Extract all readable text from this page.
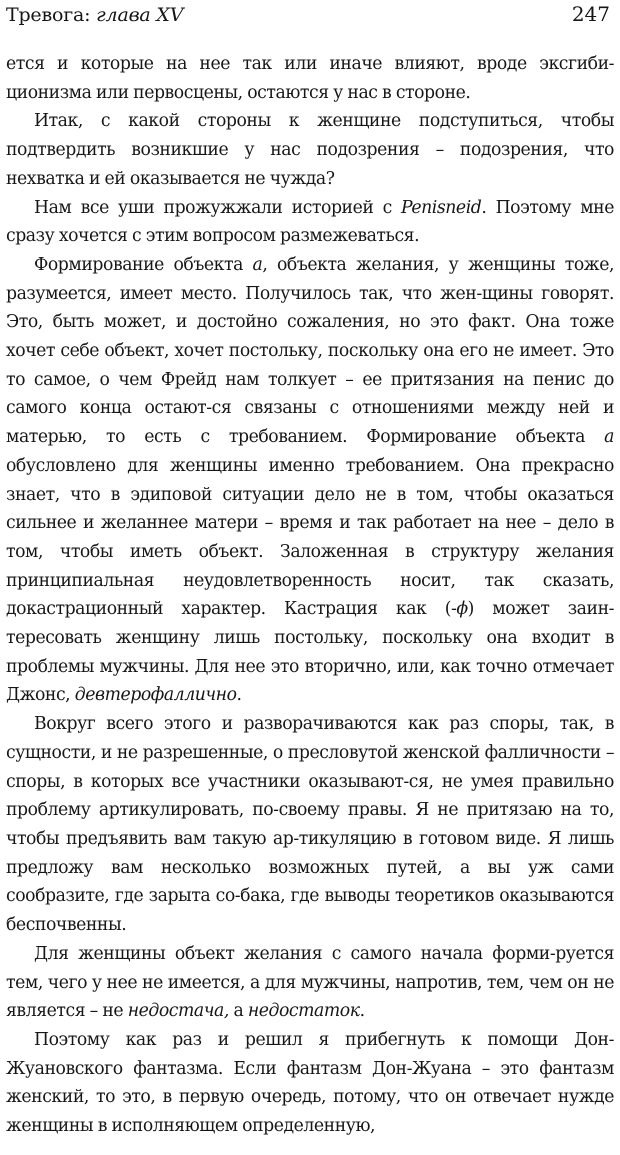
Тревога: глава XV	247

ется и которые на нее так или иначе влияют, вроде эксгиби-ционизма или первосцены, остаются у нас в стороне.

Итак, с какой стороны к женщине подступиться, чтобы подтвердить возникшие у нас подозрения – подозрения, что нехватка и ей оказывается не чужда?

Нам все уши прожужжали историей с Penisneid. Поэтому мне сразу хочется с этим вопросом размежеваться.

Формирование объекта а, объекта желания, у женщины тоже, разумеется, имеет место. Получилось так, что жен-щины говорят. Это, быть может, и достойно сожаления, но это факт. Она тоже хочет себе объект, хочет постольку, поскольку она его не имеет. Это то самое, о чем Фрейд нам толкует – ее притязания на пенис до самого конца остают-ся связаны с отношениями между ней и матерью, то есть с требованием. Формирование объекта а обусловлено для женщины именно требованием. Она прекрасно знает, что в эдиповой ситуации дело не в том, чтобы оказаться сильнее и желаннее матери – время и так работает на нее – дело в том, чтобы иметь объект. Заложенная в структуру желания принципиальная неудовлетворенность носит, так сказать, докастрационный характер. Кастрация как (-ϕ) может заин-тересовать женщину лишь постольку, поскольку она входит в проблемы мужчины. Для нее это вторично, или, как точно отмечает Джонс, девтерофаллично.

Вокруг всего этого и разворачиваются как раз споры, так, в сущности, и не разрешенные, о пресловутой женской фалличности – споры, в которых все участники оказывают-ся, не умея правильно проблему артикулировать, по-своему правы. Я не притязаю на то, чтобы предъявить вам такую ар-тикуляцию в готовом виде. Я лишь предложу вам несколько возможных путей, а вы уж сами сообразите, где зарыта со-бака, где выводы теоретиков оказываются беспочвенны.

Для женщины объект желания с самого начала форми-руется тем, чего у нее не имеется, а для мужчины, напротив, тем, чем он не является – не недостача, а недостаток.

Поэтому как раз и решил я прибегнуть к помощи Дон-Жуановского фантазма. Если фантазм Дон-Жуана – это фантазм женский, то это, в первую очередь, потому, что он отвечает нужде женщины в исполняющем определенную,
